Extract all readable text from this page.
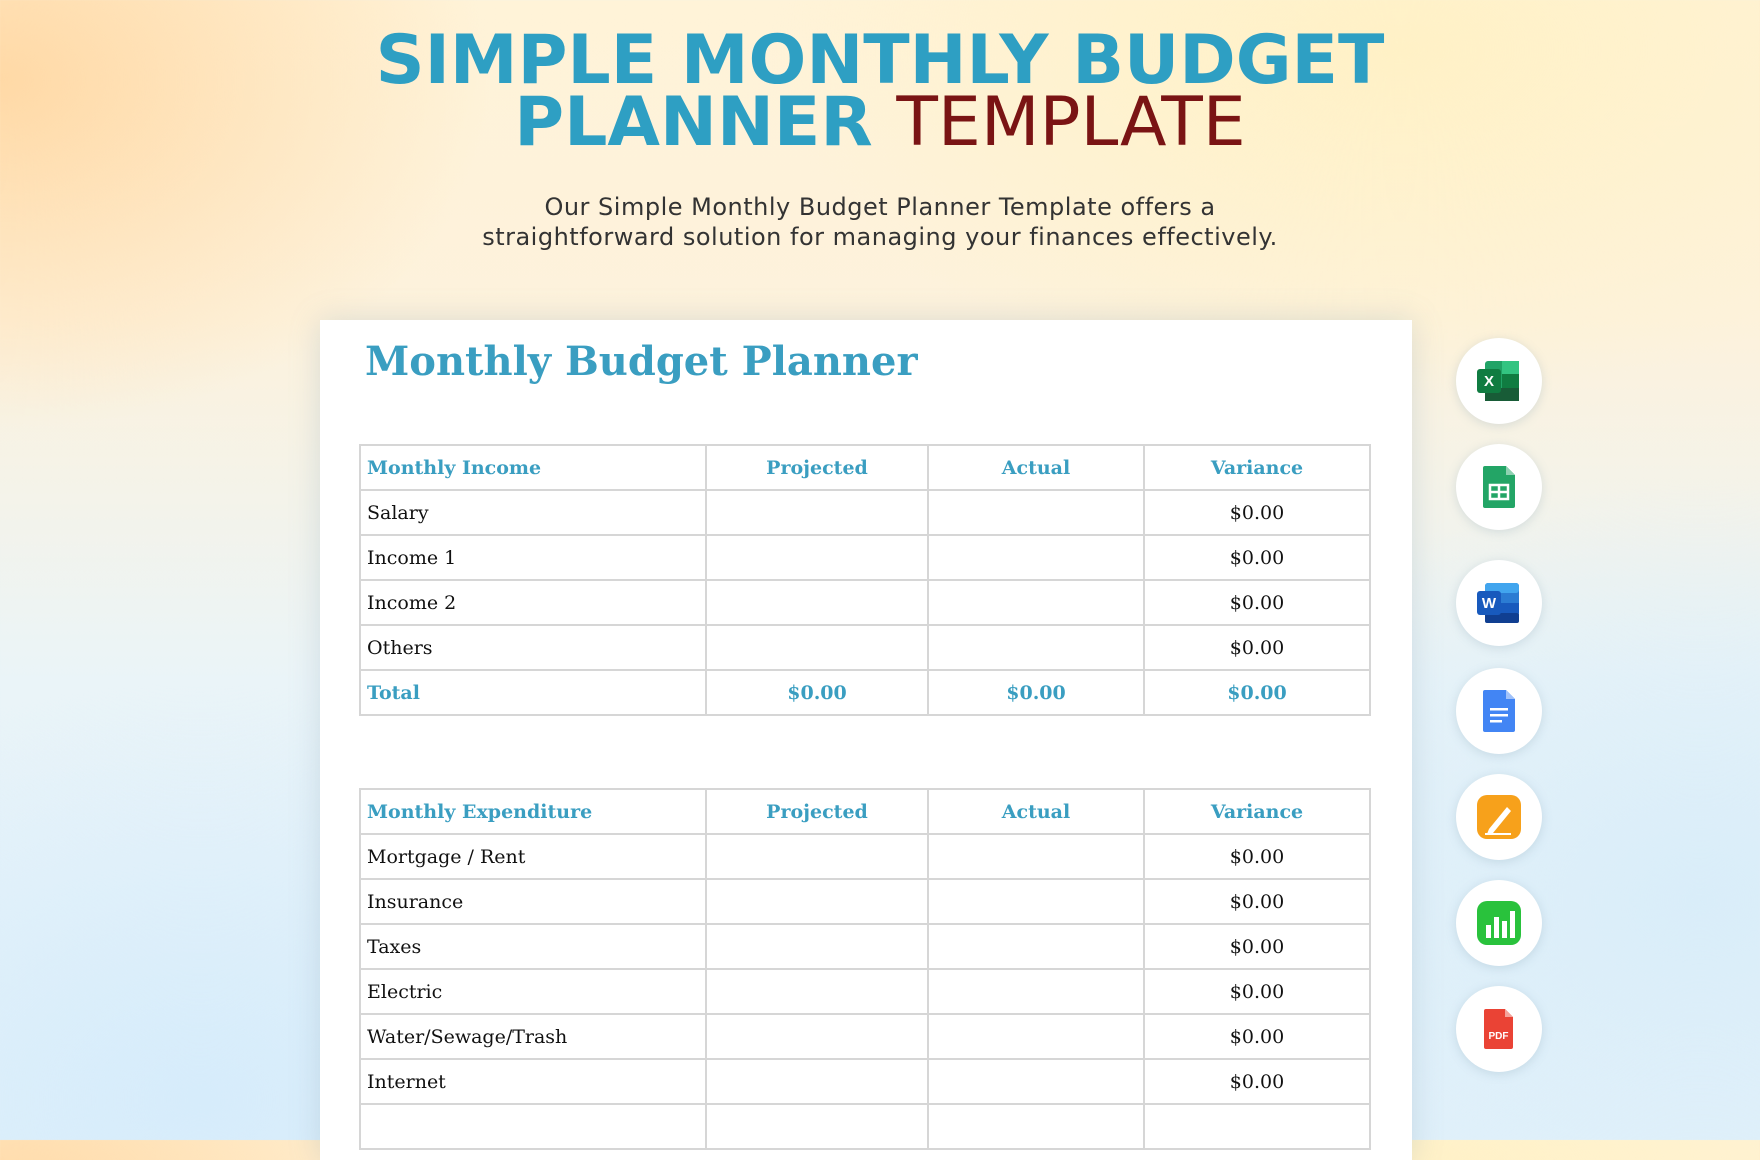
SIMPLE MONTHLY BUDGET
PLANNER TEMPLATE
Our Simple Monthly Budget Planner Template offers a
straightforward solution for managing your finances effectively.
Monthly Budget Planner
Monthly Income	Projected	Actual	Variance
Salary			$0.00
Income 1			$0.00
Income 2			$0.00
Others			$0.00
Total	$0.00	$0.00	$0.00
Monthly Expenditure	Projected	Actual	Variance
Mortgage / Rent			$0.00
Insurance			$0.00
Taxes			$0.00
Electric			$0.00
Water/Sewage/Trash			$0.00
Internet			$0.00

X
W
PDF
